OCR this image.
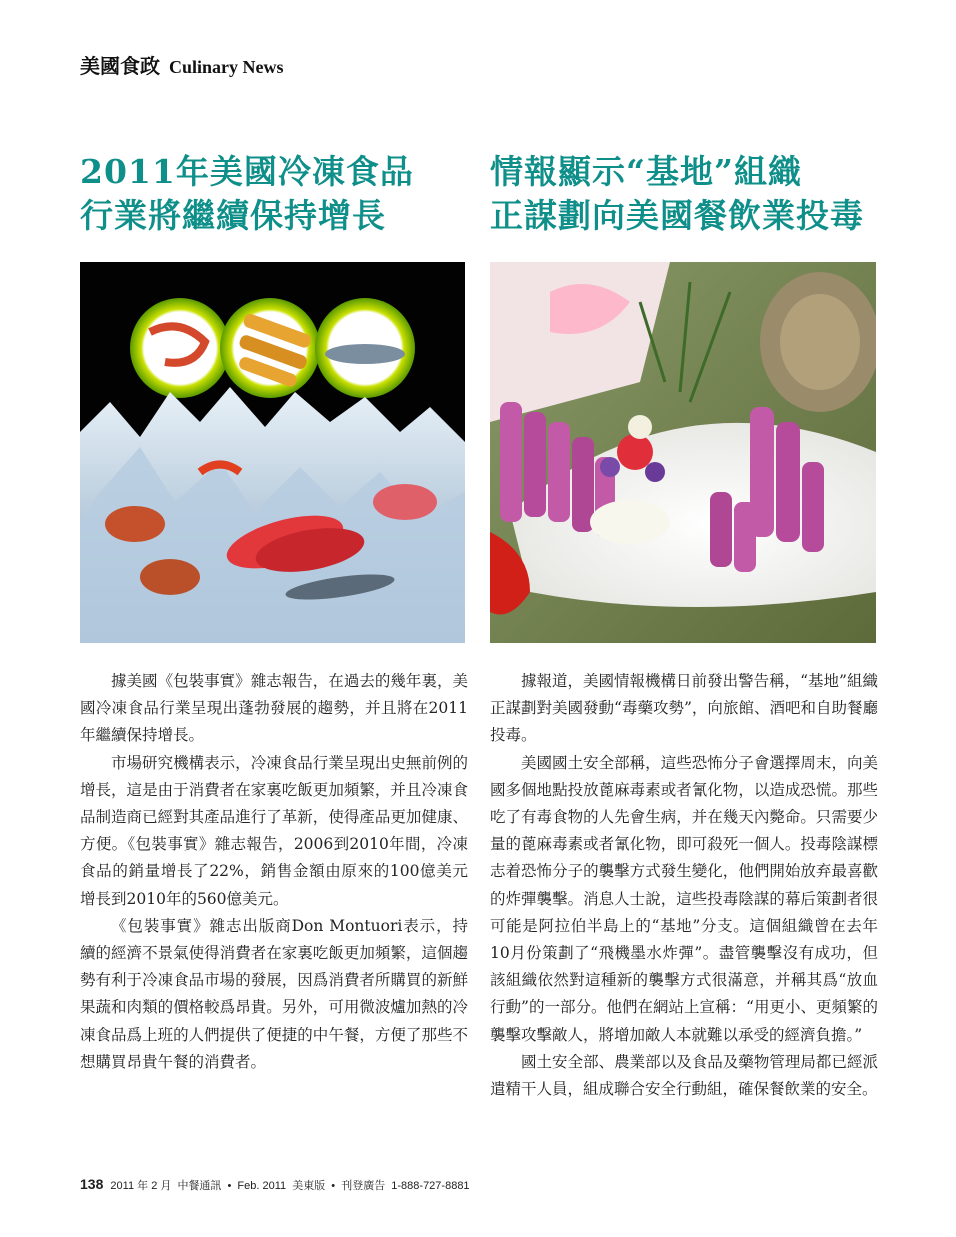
美國食政 Culinary News
2011年美國冷凍食品
行業將繼續保持增長
情報顯示“基地”組織
正謀劃向美國餐飲業投毒

據美國《包裝事實》雜志報告，在過去的幾年裏，美國冷凍食品行業呈現出蓬勃發展的趨勢，并且將在2011年繼續保持增長。

市場研究機構表示，冷凍食品行業呈現出史無前例的增長，這是由于消費者在家裏吃飯更加頻繁，并且冷凍食品制造商已經對其產品進行了革新，使得產品更加健康、方便。《包裝事實》雜志報告，2006到2010年間，冷凍食品的銷量增長了22%，銷售金額由原來的100億美元增長到2010年的560億美元。

《包裝事實》雜志出版商Don Montuori表示，持續的經濟不景氣使得消費者在家裏吃飯更加頻繁，這個趨勢有利于冷凍食品市場的發展，因爲消費者所購買的新鮮果蔬和肉類的價格較爲昂貴。另外，可用微波爐加熱的冷凍食品爲上班的人們提供了便捷的中午餐，方便了那些不想購買昂貴午餐的消費者。

據報道，美國情報機構日前發出警告稱，“基地”組織正謀劃對美國發動“毒藥攻勢”，向旅館、酒吧和自助餐廳投毒。

美國國土安全部稱，這些恐怖分子會選擇周末，向美國多個地點投放蓖麻毒素或者氰化物，以造成恐慌。那些吃了有毒食物的人先會生病，并在幾天內斃命。只需要少量的蓖麻毒素或者氰化物，即可殺死一個人。投毒陰謀標志着恐怖分子的襲擊方式發生變化，他們開始放弃最喜歡的炸彈襲擊。消息人士說，這些投毒陰謀的幕后策劃者很可能是阿拉伯半島上的“基地”分支。這個組織曾在去年10月份策劃了“飛機墨水炸彈”。盡管襲擊沒有成功，但該組織依然對這種新的襲擊方式很滿意，并稱其爲“放血行動”的一部分。他們在網站上宣稱：“用更小、更頻繁的襲擊攻擊敵人，將增加敵人本就難以承受的經濟負擔。”

國土安全部、農業部以及食品及藥物管理局都已經派遣精干人員，組成聯合安全行動組，確保餐飲業的安全。

138 2011 年 2 月 中餐通訊 • Feb. 2011 美東版 • 刊登廣告 1-888-727-8881
